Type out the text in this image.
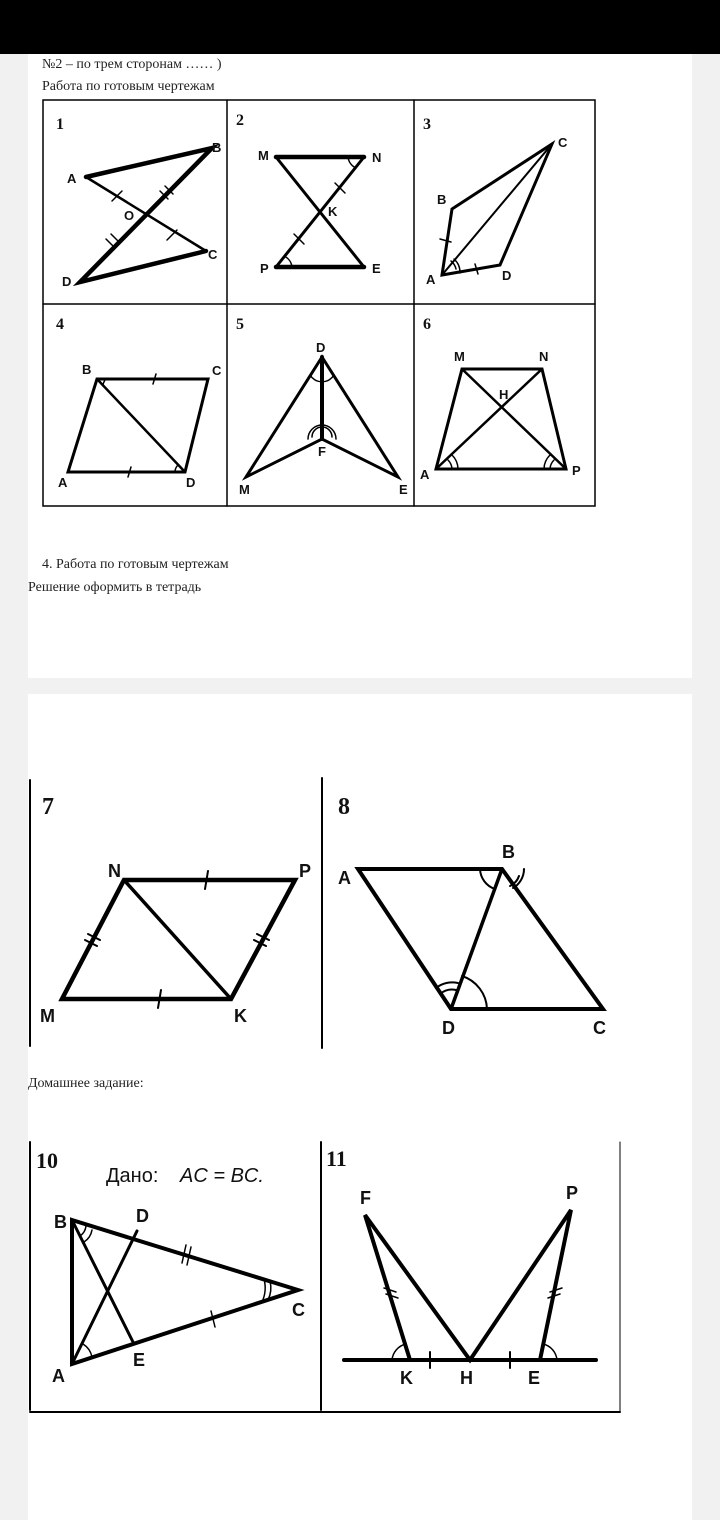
№2 – по трем сторонам …… )
Работа по готовым чертежам
1
A
B
O
C
D
2
M	N
K
P	E
3
C
B
A	D
4
B	C
A	D
5
D
F
M	E
6
M	N
H
A	P
4. Работа по готовым чертежам
Решение оформить в тетрадь
7
N	P
M	K
8
A
B
D	C
Домашнее задание:
10
Дано: AC = BC.
B	D
C
A
E
11
F	P
K	H	E
